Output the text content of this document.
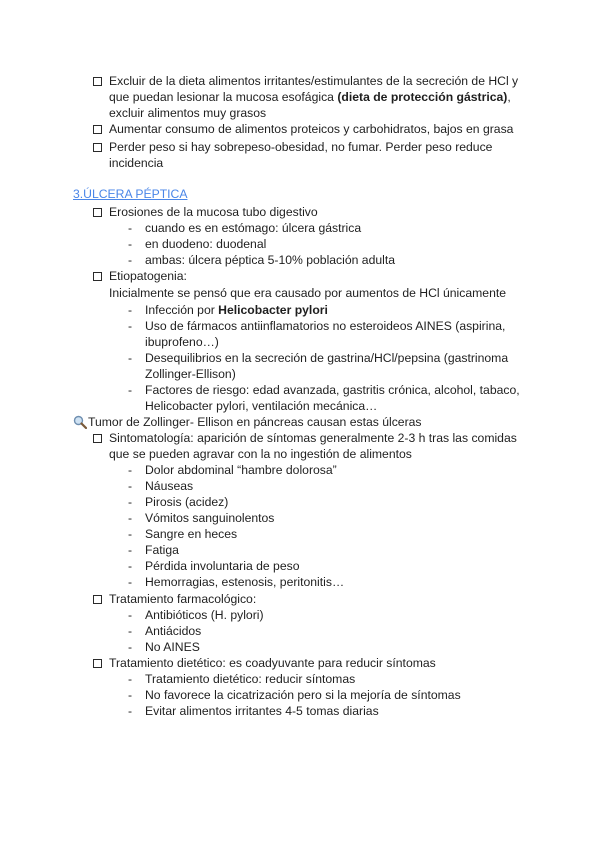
Excluir de la dieta alimentos irritantes/estimulantes de la secreción de HCl y
que puedan lesionar la mucosa esofágica (dieta de protección gástrica),
excluir alimentos muy grasos
Aumentar consumo de alimentos proteicos y carbohidratos, bajos en grasa
Perder peso si hay sobrepeso-obesidad, no fumar. Perder peso reduce
incidencia
3.ÚLCERA PÉPTICA
Erosiones de la mucosa tubo digestivo
- cuando es en estómago: úlcera gástrica
- en duodeno: duodenal
- ambas: úlcera péptica 5-10% población adulta
Etiopatogenia:
Inicialmente se pensó que era causado por aumentos de HCl únicamente
- Infección por Helicobacter pylori
- Uso de fármacos antiinflamatorios no esteroideos AINES (aspirina,
ibuprofeno…)
- Desequilibrios en la secreción de gastrina/HCl/pepsina (gastrinoma
Zollinger-Ellison)
- Factores de riesgo: edad avanzada, gastritis crónica, alcohol, tabaco,
Helicobacter pylori, ventilación mecánica…
Tumor de Zollinger- Ellison en páncreas causan estas úlceras
Sintomatología: aparición de síntomas generalmente 2-3 h tras las comidas
que se pueden agravar con la no ingestión de alimentos
- Dolor abdominal “hambre dolorosa”
- Náuseas
- Pirosis (acidez)
- Vómitos sanguinolentos
- Sangre en heces
- Fatiga
- Pérdida involuntaria de peso
- Hemorragias, estenosis, peritonitis…
Tratamiento farmacológico:
- Antibióticos (H. pylori)
- Antiácidos
- No AINES
Tratamiento dietético: es coadyuvante para reducir síntomas
- Tratamiento dietético: reducir síntomas
- No favorece la cicatrización pero si la mejoría de síntomas
- Evitar alimentos irritantes 4-5 tomas diarias
